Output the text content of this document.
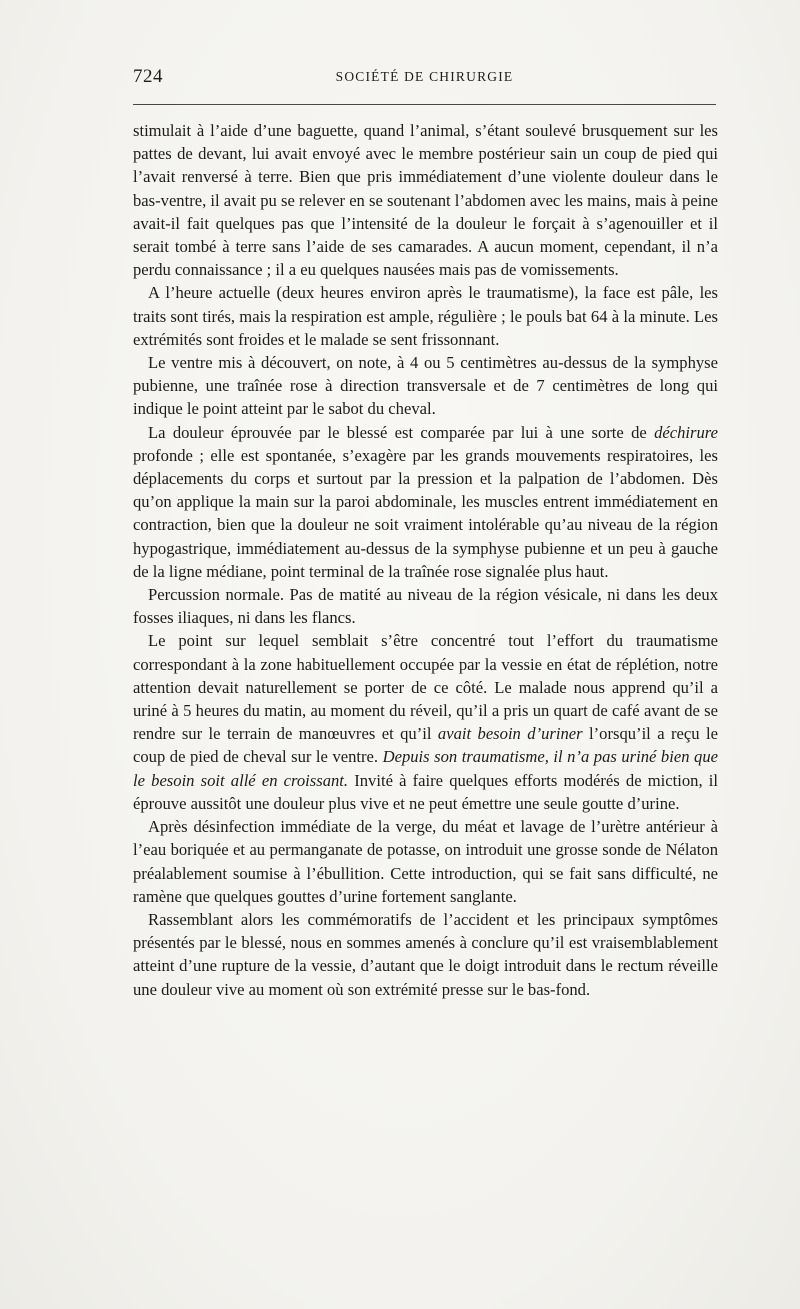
724	SOCIÉTÉ DE CHIRURGIE

stimulait à l’aide d’une baguette, quand l’animal, s’étant soulevé brusquement sur les pattes de devant, lui avait envoyé avec le membre postérieur sain un coup de pied qui l’avait renversé à terre. Bien que pris immédiatement d’une violente douleur dans le bas-ventre, il avait pu se relever en se soutenant l’abdomen avec les mains, mais à peine avait-il fait quelques pas que l’intensité de la douleur le forçait à s’agenouiller et il serait tombé à terre sans l’aide de ses camarades. A aucun moment, cependant, il n’a perdu connaissance ; il a eu quelques nausées mais pas de vomissements.

A l’heure actuelle (deux heures environ après le traumatisme), la face est pâle, les traits sont tirés, mais la respiration est ample, régulière ; le pouls bat 64 à la minute. Les extrémités sont froides et le malade se sent frissonnant.

Le ventre mis à découvert, on note, à 4 ou 5 centimètres au-dessus de la symphyse pubienne, une traînée rose à direction transversale et de 7 centimètres de long qui indique le point atteint par le sabot du cheval.

La douleur éprouvée par le blessé est comparée par lui à une sorte de déchirure profonde ; elle est spontanée, s’exagère par les grands mouvements respiratoires, les déplacements du corps et surtout par la pression et la palpation de l’abdomen. Dès qu’on applique la main sur la paroi abdominale, les muscles entrent immédiatement en contraction, bien que la douleur ne soit vraiment intolérable qu’au niveau de la région hypogastrique, immédiatement au-dessus de la symphyse pubienne et un peu à gauche de la ligne médiane, point terminal de la traînée rose signalée plus haut.

Percussion normale. Pas de matité au niveau de la région vésicale, ni dans les deux fosses iliaques, ni dans les flancs.

Le point sur lequel semblait s’être concentré tout l’effort du traumatisme correspondant à la zone habituellement occupée par la vessie en état de réplétion, notre attention devait naturellement se porter de ce côté. Le malade nous apprend qu’il a uriné à 5 heures du matin, au moment du réveil, qu’il a pris un quart de café avant de se rendre sur le terrain de manœuvres et qu’il avait besoin d’uriner l’orsqu’il a reçu le coup de pied de cheval sur le ventre. Depuis son traumatisme, il n’a pas uriné bien que le besoin soit allé en croissant. Invité à faire quelques efforts modérés de miction, il éprouve aussitôt une douleur plus vive et ne peut émettre une seule goutte d’urine.

Après désinfection immédiate de la verge, du méat et lavage de l’urètre antérieur à l’eau boriquée et au permanganate de potasse, on introduit une grosse sonde de Nélaton préalablement soumise à l’ébullition. Cette introduction, qui se fait sans difficulté, ne ramène que quelques gouttes d’urine fortement sanglante.

Rassemblant alors les commémoratifs de l’accident et les principaux symptômes présentés par le blessé, nous en sommes amenés à conclure qu’il est vraisemblablement atteint d’une rupture de la vessie, d’autant que le doigt introduit dans le rectum réveille une douleur vive au moment où son extrémité presse sur le bas-fond.
